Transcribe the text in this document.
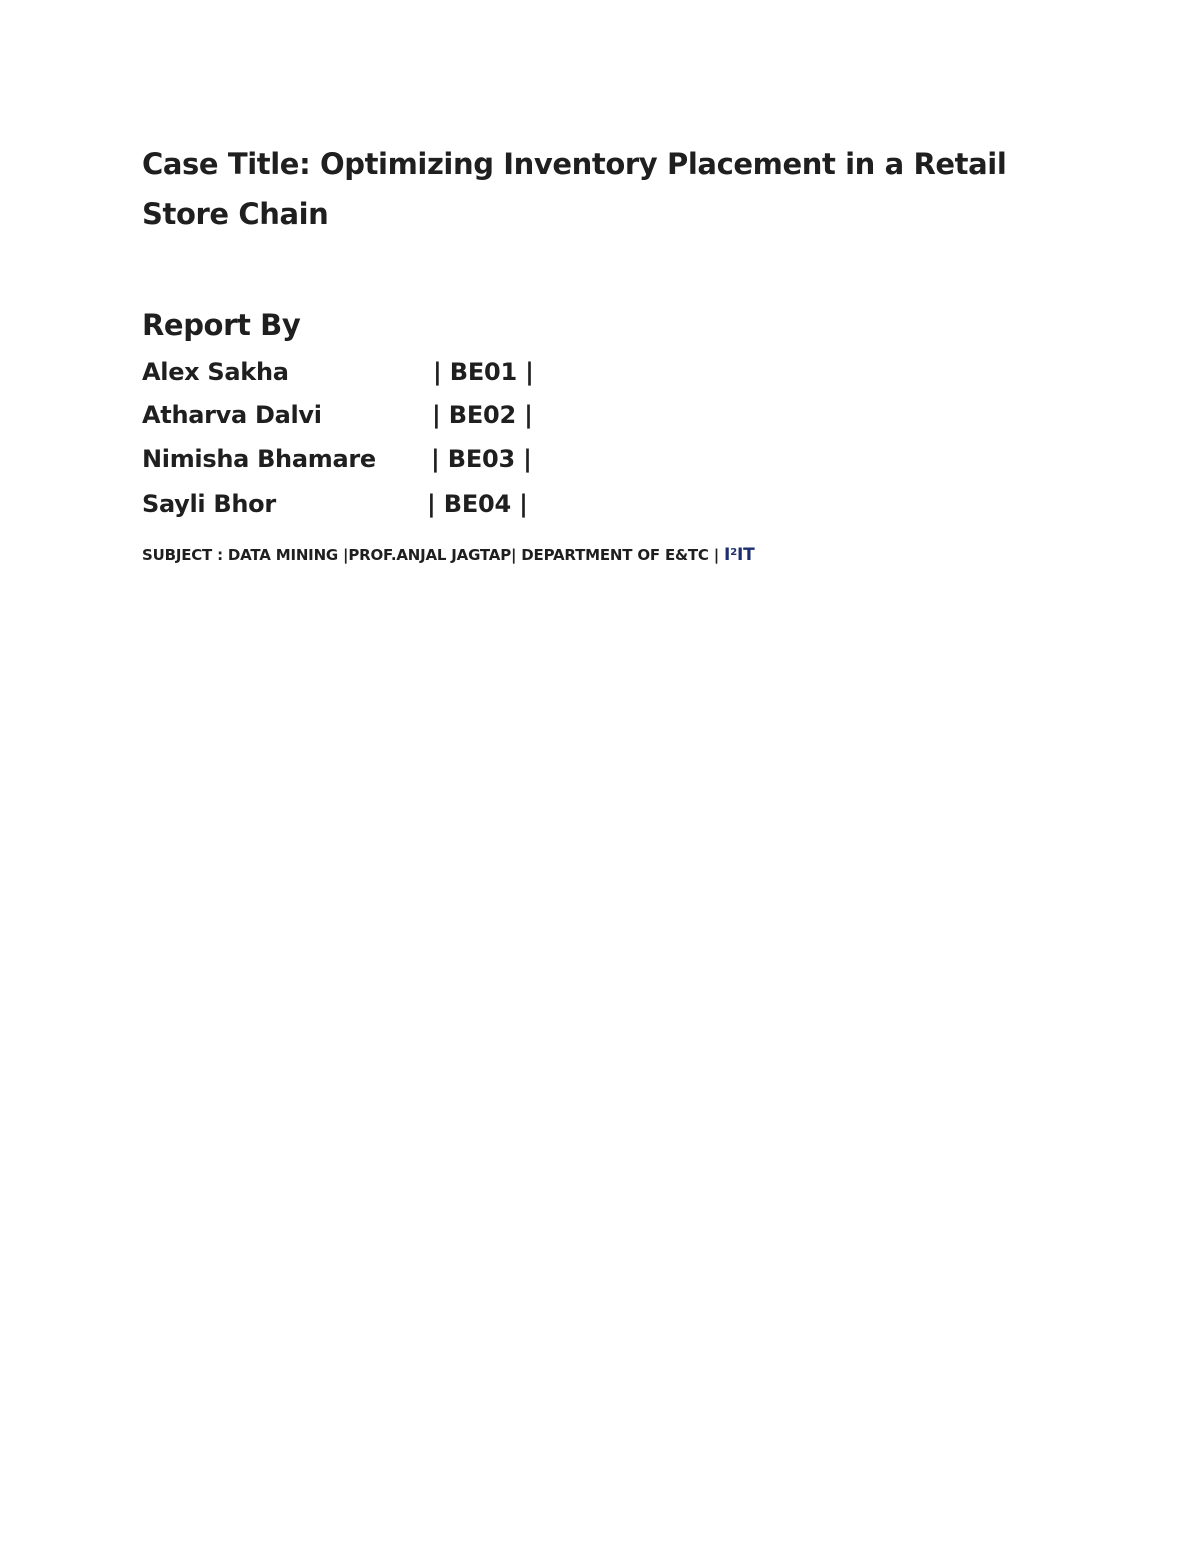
Case Title: Optimizing Inventory Placement in a Retail Store Chain
Report By
Alex Sakha	| BE01 |
Atharva Dalvi	| BE02 |
Nimisha Bhamare | BE03 |
Sayli Bhor	| BE04 |
SUBJECT : DATA MINING |PROF.ANJAL JAGTAP| DEPARTMENT OF E&TC | $I^2IT$
